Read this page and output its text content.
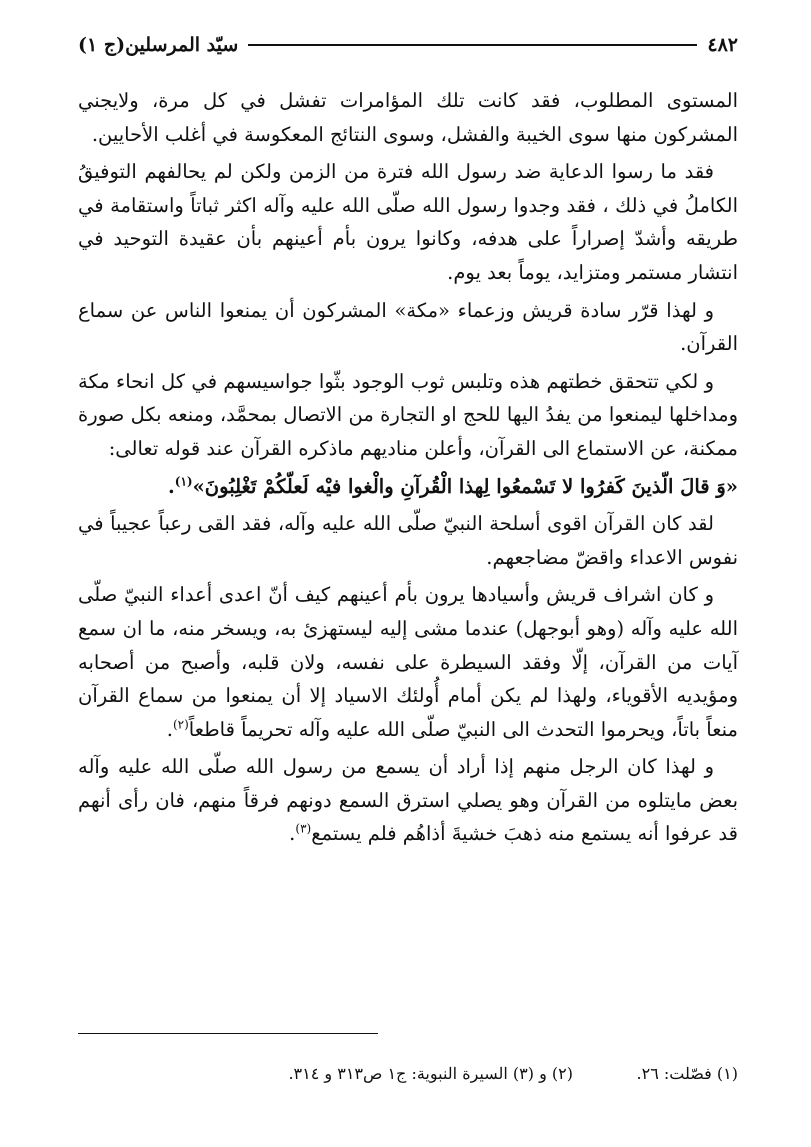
٤٨٢
سيّد المرسلين(ج ١)

المستوى المطلوب، فقد كانت تلك المؤامرات تفشل في كل مرة، ولايجني المشركون منها سوى الخيبة والفشل، وسوى النتائج المعكوسة في أغلب الأحايين.

فقد ما رسوا الدعاية ضد رسول الله فترة من الزمن ولكن لم يحالفهم التوفيقُ الكاملُ في ذلك ، فقد وجدوا رسول الله صلّى الله عليه وآله اكثر ثباتاً واستقامة في طريقه وأشدّ إصراراً على هدفه، وكانوا يرون بأم أعينهم بأن عقيدة التوحيد في انتشار مستمر ومتزايد، يوماً بعد يوم.

و لهذا قرّر سادة قريش وزعماء «مكة» المشركون أن يمنعوا الناس عن سماع القرآن.

و لكي تتحقق خطتهم هذه وتلبس ثوب الوجود بثّوا جواسيسهم في كل انحاء مكة ومداخلها ليمنعوا من يفدُ اليها للحج او التجارة من الاتصال بمحمَّد، ومنعه بكل صورة ممكنة، عن الاستماع الى القرآن، وأعلن مناديهم ماذكره القرآن عند قوله تعالى:

«وَ قالَ الّذينَ كَفرُوا لا تَسْمعُوا لِهذا الْقُرآنِ والْغوا فيْه لَعلّكُمْ تَغْلِبُونَ»$^{(١)}$.

لقد كان القرآن اقوى أسلحة النبيّ صلّى الله عليه وآله، فقد القى رعباً عجيباً في نفوس الاعداء واقضّ مضاجعهم.

و كان اشراف قريش وأسيادها يرون بأم أعينهم كيف أنّ اعدى أعداء النبيّ صلّى الله عليه وآله (وهو أبوجهل) عندما مشى إليه ليستهزئ به، ويسخر منه، ما ان سمع آيات من القرآن، إلّا وفقد السيطرة على نفسه، ولان قلبه، وأصبح من أصحابه ومؤيديه الأقوياء، ولهذا لم يكن أمام أُولئك الاسياد إلا أن يمنعوا من سماع القرآن منعاً باتاً، ويحرموا التحدث الى النبيّ صلّى الله عليه وآله تحريماً قاطعاً$^{(٢)}$.

و لهذا كان الرجل منهم إذا أراد أن يسمع من رسول الله صلّى الله عليه وآله بعض مايتلوه من القرآن وهو يصلي استرق السمع دونهم فرقاً منهم، فان رأى أنهم قد عرفوا أنه يستمع منه ذهبَ خشيةَ أذاهُم فلم يستمع$^{(٣)}$.

(١) فصّلت: ٢٦.
(٢) و (٣) السيرة النبوية: ج١ ص٣١٣ و ٣١٤.
